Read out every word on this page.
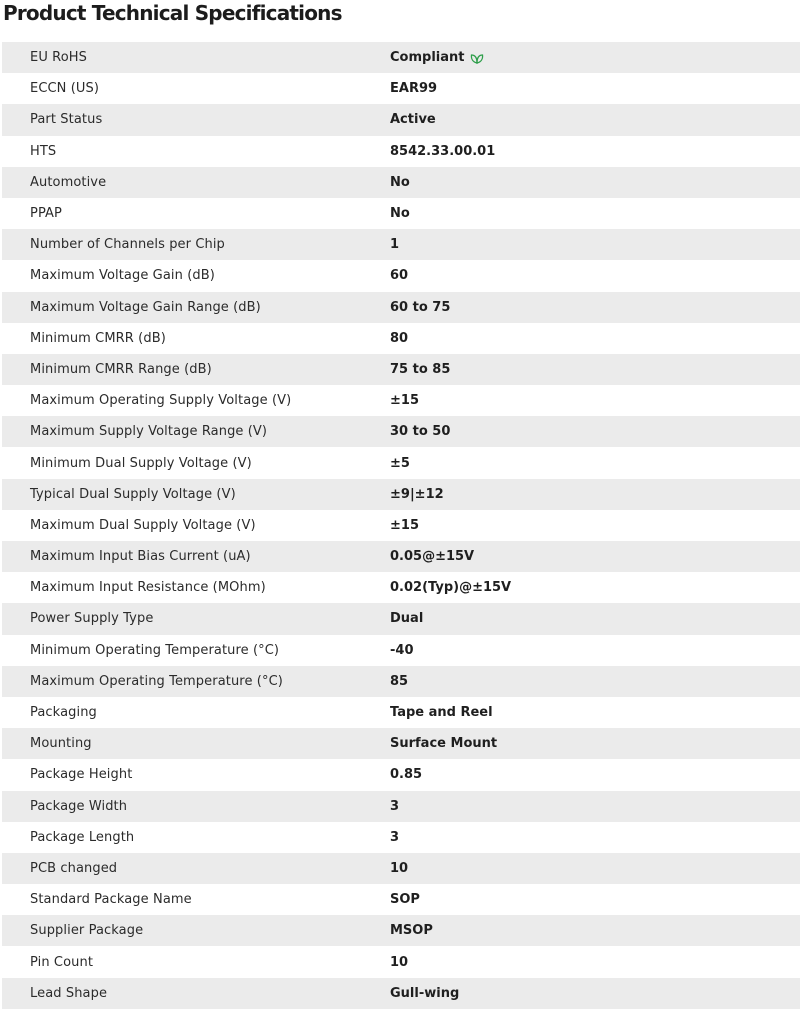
Product Technical Specifications
EU RoHS	Compliant
ECCN (US)	EAR99
Part Status	Active
HTS	8542.33.00.01
Automotive	No
PPAP	No
Number of Channels per Chip	1
Maximum Voltage Gain (dB)	60
Maximum Voltage Gain Range (dB)	60 to 75
Minimum CMRR (dB)	80
Minimum CMRR Range (dB)	75 to 85
Maximum Operating Supply Voltage (V)	±15
Maximum Supply Voltage Range (V)	30 to 50
Minimum Dual Supply Voltage (V)	±5
Typical Dual Supply Voltage (V)	±9|±12
Maximum Dual Supply Voltage (V)	±15
Maximum Input Bias Current (uA)	0.05@±15V
Maximum Input Resistance (MOhm)	0.02(Typ)@±15V
Power Supply Type	Dual
Minimum Operating Temperature (°C)	-40
Maximum Operating Temperature (°C)	85
Packaging	Tape and Reel
Mounting	Surface Mount
Package Height	0.85
Package Width	3
Package Length	3
PCB changed	10
Standard Package Name	SOP
Supplier Package	MSOP
Pin Count	10
Lead Shape	Gull-wing
